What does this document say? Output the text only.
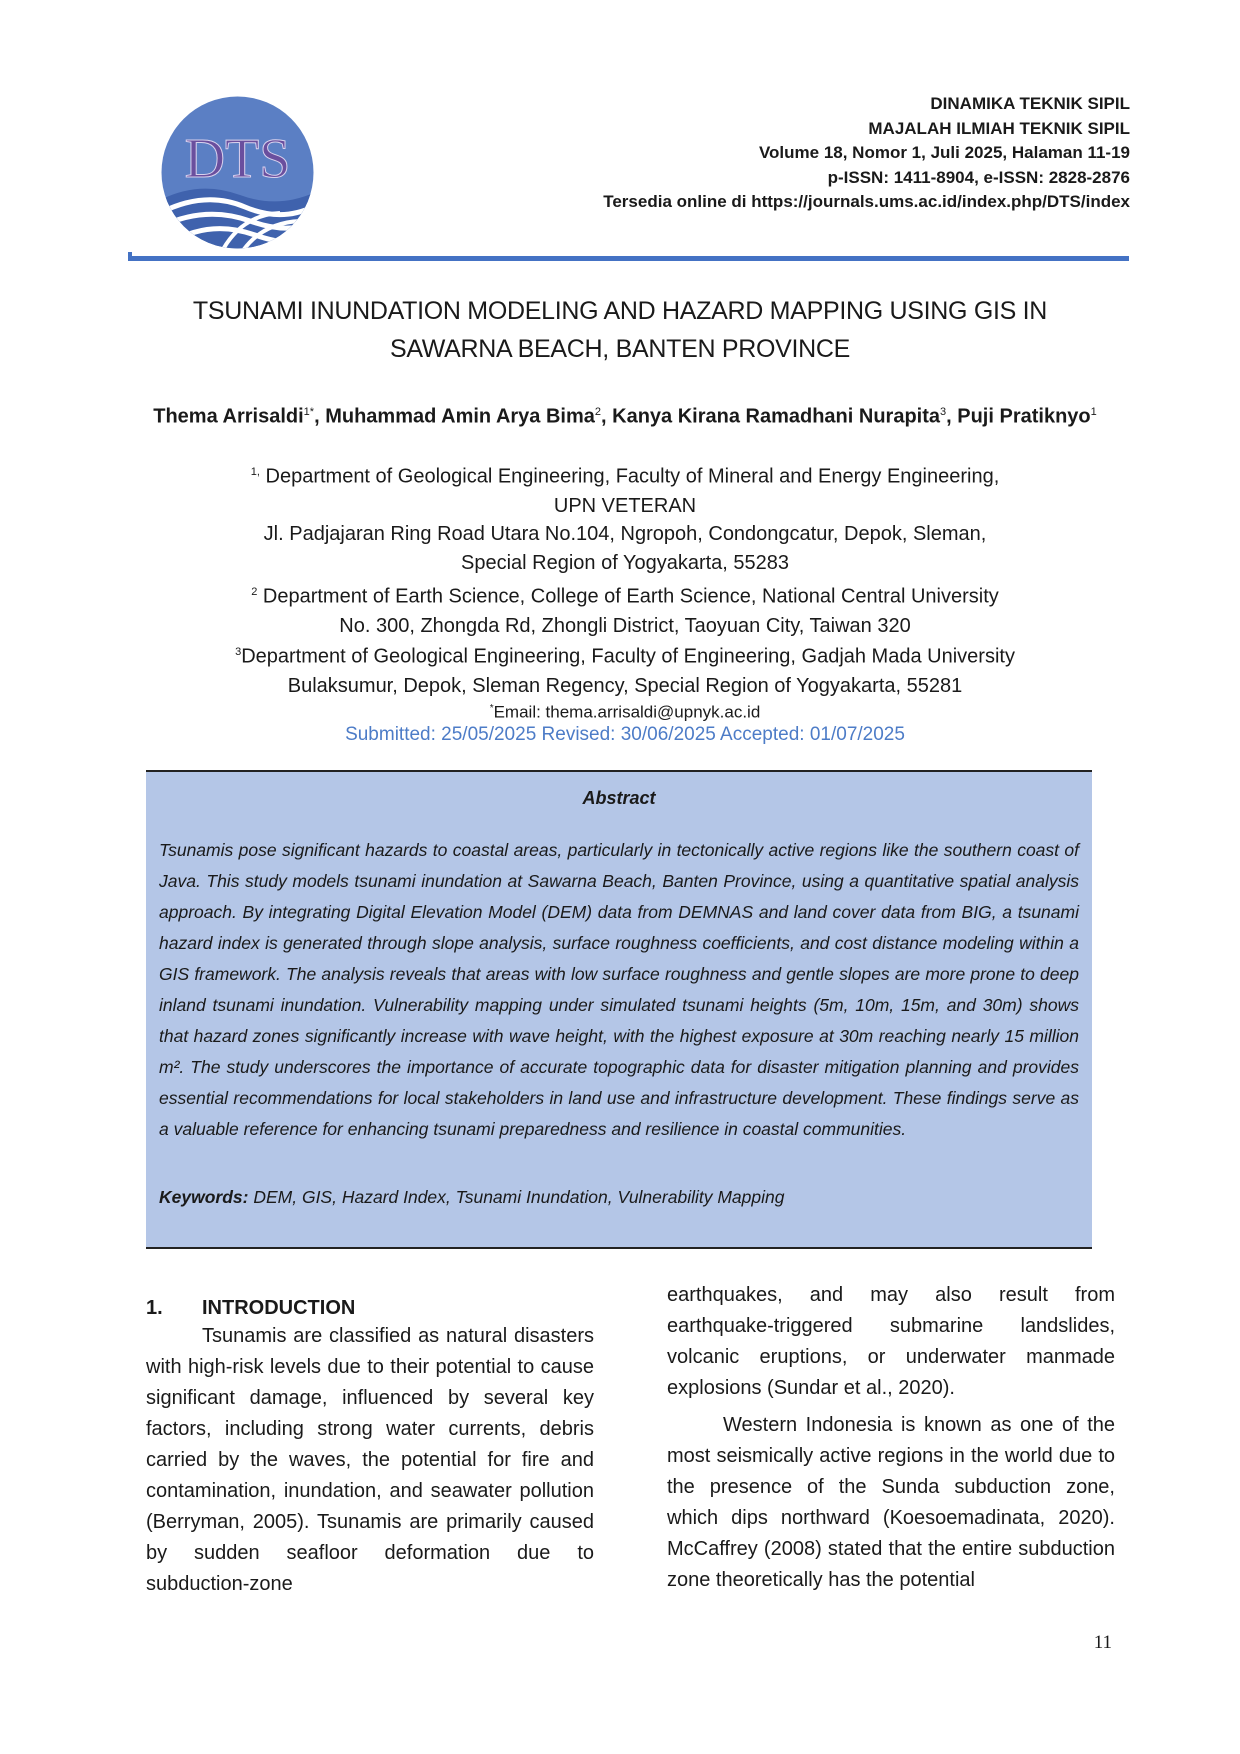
DTS
DINAMIKA TEKNIK SIPIL
MAJALAH ILMIAH TEKNIK SIPIL
Volume 18, Nomor 1, Juli 2025, Halaman 11-19
p-ISSN: 1411-8904, e-ISSN: 2828-2876
Tersedia online di https://journals.ums.ac.id/index.php/DTS/index
TSUNAMI INUNDATION MODELING AND HAZARD MAPPING USING GIS IN
SAWARNA BEACH, BANTEN PROVINCE
Thema Arrisaldi$^{1*}$, Muhammad Amin Arya Bima$^2$, Kanya Kirana Ramadhani Nurapita$^3$, Puji Pratiknyo$^1$
$^{1,}$ Department of Geological Engineering, Faculty of Mineral and Energy Engineering,
UPN VETERAN
Jl. Padjajaran Ring Road Utara No.104, Ngropoh, Condongcatur, Depok, Sleman,
Special Region of Yogyakarta, 55283
$^2$ Department of Earth Science, College of Earth Science, National Central University
No. 300, Zhongda Rd, Zhongli District, Taoyuan City, Taiwan 320
$^3$Department of Geological Engineering, Faculty of Engineering, Gadjah Mada University
Bulaksumur, Depok, Sleman Regency, Special Region of Yogyakarta, 55281
*Email: thema.arrisaldi@upnyk.ac.id
Submitted: 25/05/2025 Revised: 30/06/2025 Accepted: 01/07/2025
Abstract
Tsunamis pose significant hazards to coastal areas, particularly in tectonically active regions like the southern coast of Java. This study models tsunami inundation at Sawarna Beach, Banten Province, using a quantitative spatial analysis approach. By integrating Digital Elevation Model (DEM) data from DEMNAS and land cover data from BIG, a tsunami hazard index is generated through slope analysis, surface roughness coefficients, and cost distance modeling within a GIS framework. The analysis reveals that areas with low surface roughness and gentle slopes are more prone to deep inland tsunami inundation. Vulnerability mapping under simulated tsunami heights (5m, 10m, 15m, and 30m) shows that hazard zones significantly increase with wave height, with the highest exposure at 30m reaching nearly 15 million m². The study underscores the importance of accurate topographic data for disaster mitigation planning and provides essential recommendations for local stakeholders in land use and infrastructure development. These findings serve as a valuable reference for enhancing tsunami preparedness and resilience in coastal communities.
Keywords: DEM, GIS, Hazard Index, Tsunami Inundation, Vulnerability Mapping
1. INTRODUCTION

Tsunamis are classified as natural disasters with high-risk levels due to their potential to cause significant damage, influenced by several key factors, including strong water currents, debris carried by the waves, the potential for fire and contamination, inundation, and seawater pollution (Berryman, 2005). Tsunamis are primarily caused by sudden seafloor deformation due to subduction-zone

earthquakes, and may also result from earthquake-triggered submarine landslides, volcanic eruptions, or underwater manmade explosions (Sundar et al., 2020).

Western Indonesia is known as one of the most seismically active regions in the world due to the presence of the Sunda subduction zone, which dips northward (Koesoemadinata, 2020). McCaffrey (2008) stated that the entire subduction zone theoretically has the potential

11
